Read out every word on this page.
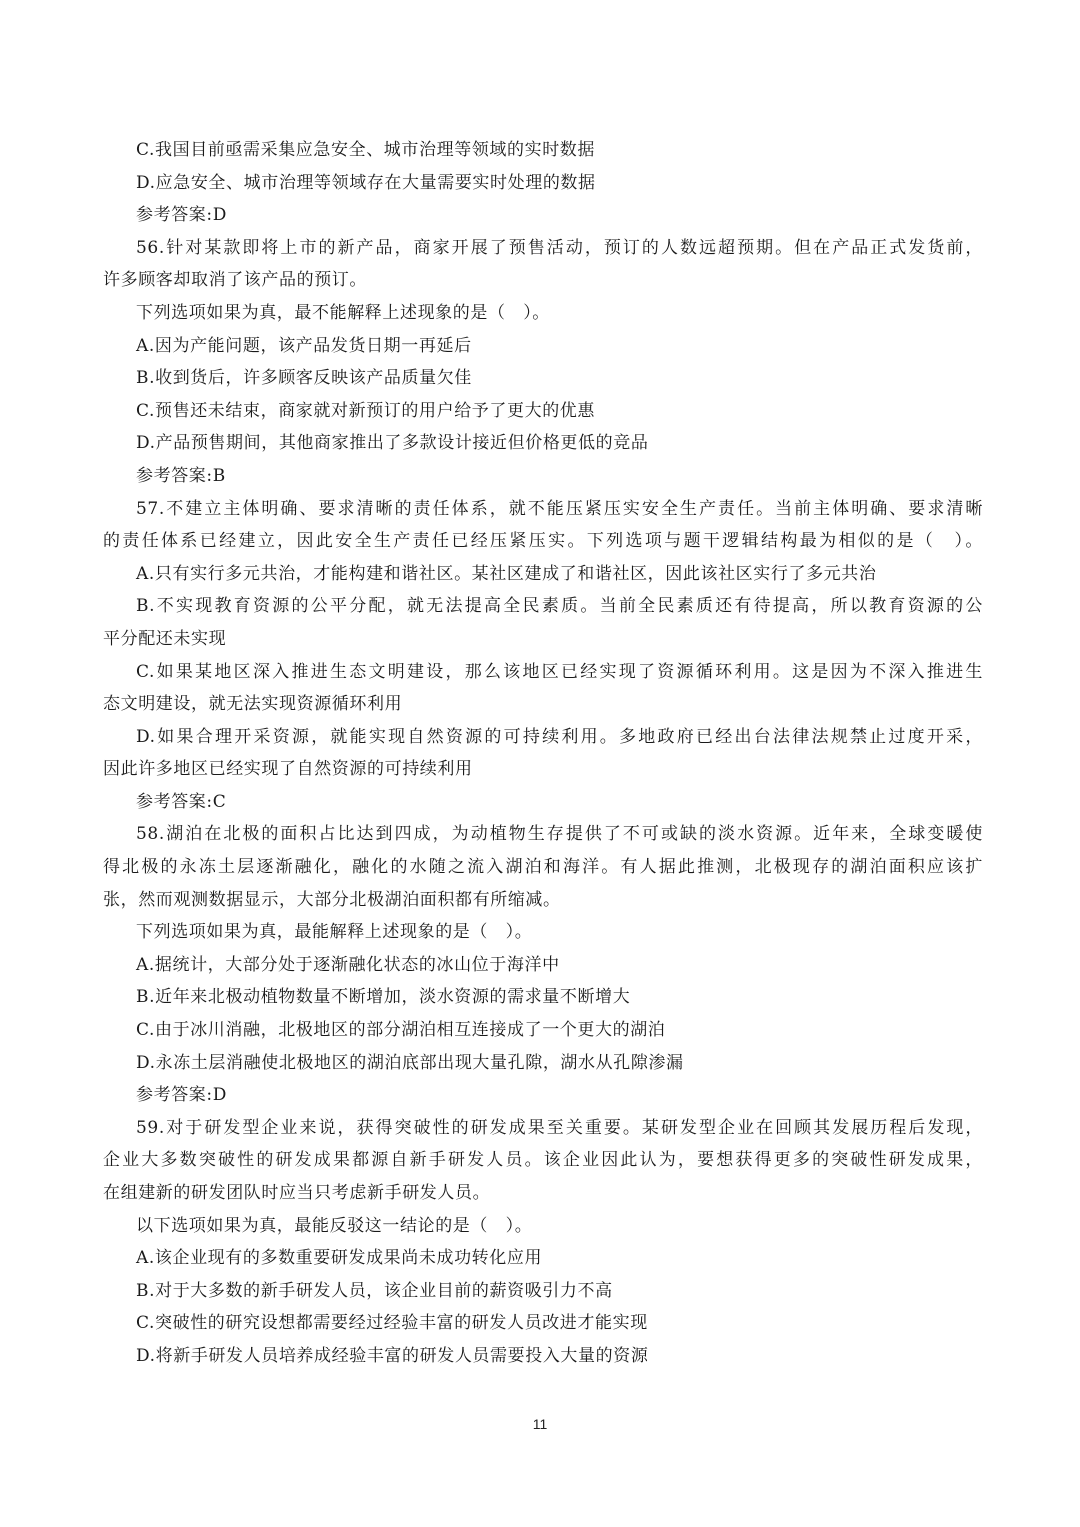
C.我国目前亟需采集应急安全、城市治理等领域的实时数据
D.应急安全、城市治理等领域存在大量需要实时处理的数据
参考答案:D
56.针对某款即将上市的新产品，商家开展了预售活动，预订的人数远超预期。但在产品正式发货前，
许多顾客却取消了该产品的预订。
下列选项如果为真，最不能解释上述现象的是（　）。
A.因为产能问题，该产品发货日期一再延后
B.收到货后，许多顾客反映该产品质量欠佳
C.预售还未结束，商家就对新预订的用户给予了更大的优惠
D.产品预售期间，其他商家推出了多款设计接近但价格更低的竞品
参考答案:B
57.不建立主体明确、要求清晰的责任体系，就不能压紧压实安全生产责任。当前主体明确、要求清晰
的责任体系已经建立，因此安全生产责任已经压紧压实。下列选项与题干逻辑结构最为相似的是（　）。
A.只有实行多元共治，才能构建和谐社区。某社区建成了和谐社区，因此该社区实行了多元共治
B.不实现教育资源的公平分配，就无法提高全民素质。当前全民素质还有待提高，所以教育资源的公
平分配还未实现
C.如果某地区深入推进生态文明建设，那么该地区已经实现了资源循环利用。这是因为不深入推进生
态文明建设，就无法实现资源循环利用
D.如果合理开采资源，就能实现自然资源的可持续利用。多地政府已经出台法律法规禁止过度开采，
因此许多地区已经实现了自然资源的可持续利用
参考答案:C
58.湖泊在北极的面积占比达到四成，为动植物生存提供了不可或缺的淡水资源。近年来，全球变暖使
得北极的永冻土层逐渐融化，融化的水随之流入湖泊和海洋。有人据此推测，北极现存的湖泊面积应该扩
张，然而观测数据显示，大部分北极湖泊面积都有所缩减。
下列选项如果为真，最能解释上述现象的是（　）。
A.据统计，大部分处于逐渐融化状态的冰山位于海洋中
B.近年来北极动植物数量不断增加，淡水资源的需求量不断增大
C.由于冰川消融，北极地区的部分湖泊相互连接成了一个更大的湖泊
D.永冻土层消融使北极地区的湖泊底部出现大量孔隙，湖水从孔隙渗漏
参考答案:D
59.对于研发型企业来说，获得突破性的研发成果至关重要。某研发型企业在回顾其发展历程后发现，
企业大多数突破性的研发成果都源自新手研发人员。该企业因此认为，要想获得更多的突破性研发成果，
在组建新的研发团队时应当只考虑新手研发人员。
以下选项如果为真，最能反驳这一结论的是（　）。
A.该企业现有的多数重要研发成果尚未成功转化应用
B.对于大多数的新手研发人员，该企业目前的薪资吸引力不高
C.突破性的研究设想都需要经过经验丰富的研发人员改进才能实现
D.将新手研发人员培养成经验丰富的研发人员需要投入大量的资源
11
